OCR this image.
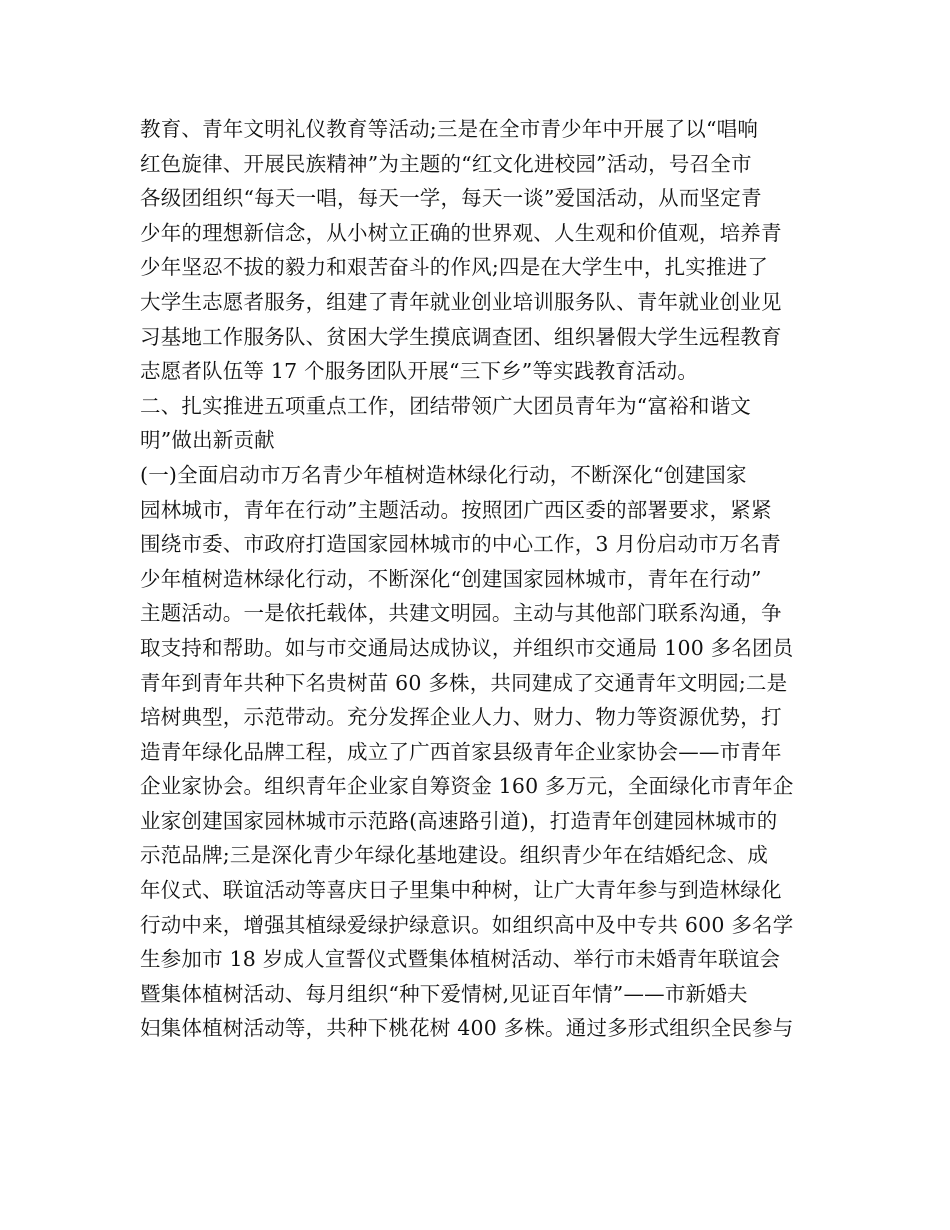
教育、青年文明礼仪教育等活动;三是在全市青少年中开展了以“唱响
红色旋律、开展民族精神”为主题的“红文化进校园”活动，号召全市
各级团组织“每天一唱，每天一学，每天一谈”爱国活动，从而坚定青
少年的理想新信念，从小树立正确的世界观、人生观和价值观，培养青
少年坚忍不拔的毅力和艰苦奋斗的作风;四是在大学生中，扎实推进了
大学生志愿者服务，组建了青年就业创业培训服务队、青年就业创业见
习基地工作服务队、贫困大学生摸底调查团、组织暑假大学生远程教育
志愿者队伍等 17 个服务团队开展“三下乡”等实践教育活动。
二、扎实推进五项重点工作，团结带领广大团员青年为“富裕和谐文
明”做出新贡献
(一)全面启动市万名青少年植树造林绿化行动，不断深化“创建国家
园林城市，青年在行动”主题活动。按照团广西区委的部署要求，紧紧
围绕市委、市政府打造国家园林城市的中心工作，3 月份启动市万名青
少年植树造林绿化行动，不断深化“创建国家园林城市，青年在行动”
主题活动。一是依托载体，共建文明园。主动与其他部门联系沟通，争
取支持和帮助。如与市交通局达成协议，并组织市交通局 100 多名团员
青年到青年共种下名贵树苗 60 多株，共同建成了交通青年文明园;二是
培树典型，示范带动。充分发挥企业人力、财力、物力等资源优势，打
造青年绿化品牌工程，成立了广西首家县级青年企业家协会——市青年
企业家协会。组织青年企业家自筹资金 160 多万元，全面绿化市青年企
业家创建国家园林城市示范路(高速路引道)，打造青年创建园林城市的
示范品牌;三是深化青少年绿化基地建设。组织青少年在结婚纪念、成
年仪式、联谊活动等喜庆日子里集中种树，让广大青年参与到造林绿化
行动中来，增强其植绿爱绿护绿意识。如组织高中及中专共 600 多名学
生参加市 18 岁成人宣誓仪式暨集体植树活动、举行市未婚青年联谊会
暨集体植树活动、每月组织“种下爱情树,见证百年情”——市新婚夫
妇集体植树活动等，共种下桃花树 400 多株。通过多形式组织全民参与
